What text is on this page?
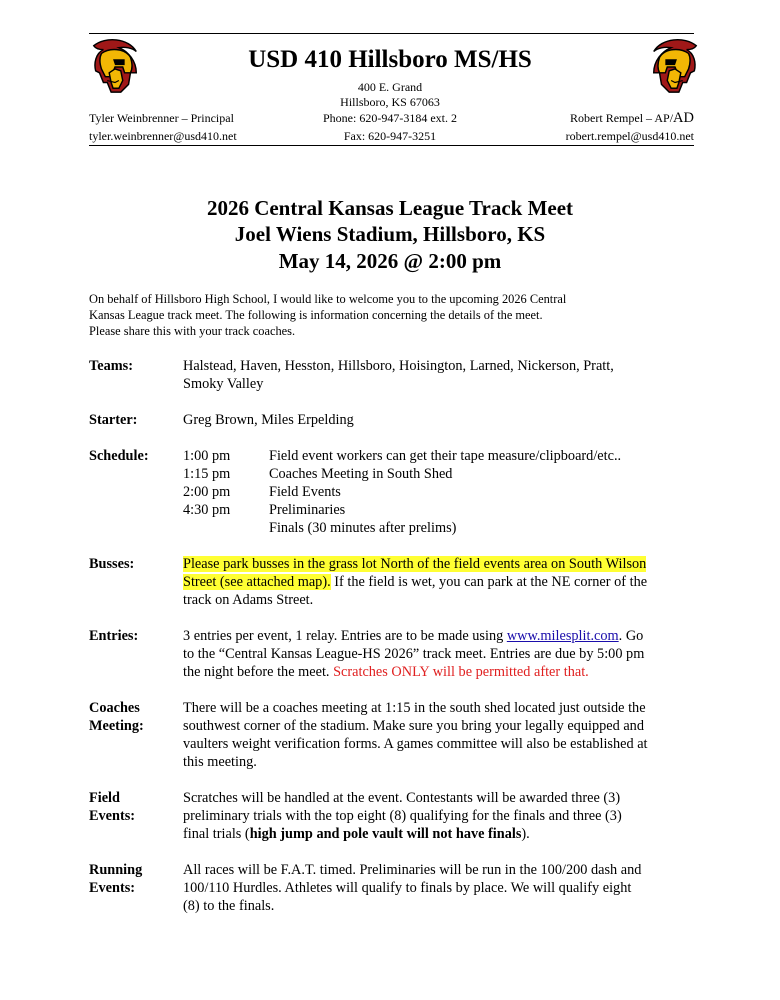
USD 410 Hillsboro MS/HS
400 E. Grand
Hillsboro, KS 67063
Tyler Weinbrenner – Principal	Phone: 620-947-3184 ext. 2	Robert Rempel – AP/AD
tyler.weinbrenner@usd410.net	Fax: 620-947-3251	robert.rempel@usd410.net
2026 Central Kansas League Track Meet
Joel Wiens Stadium, Hillsboro, KS
May 14, 2026 @ 2:00 pm
On behalf of Hillsboro High School, I would like to welcome you to the upcoming 2026 Central
Kansas League track meet. The following is information concerning the details of the meet.
Please share this with your track coaches.
Teams:	Halstead, Haven, Hesston, Hillsboro, Hoisington, Larned, Nickerson, Pratt,
Smoky Valley
Starter:	Greg Brown, Miles Erpelding
Schedule:	1:00 pm	Field event workers can get their tape measure/clipboard/etc..
1:15 pm	Coaches Meeting in South Shed
2:00 pm	Field Events
4:30 pm	Preliminaries
Finals (30 minutes after prelims)
Busses:	Please park busses in the grass lot North of the field events area on South Wilson
Street (see attached map). If the field is wet, you can park at the NE corner of the
track on Adams Street.
Entries:	3 entries per event, 1 relay. Entries are to be made using www.milesplit.com. Go
to the “Central Kansas League-HS 2026” track meet. Entries are due by 5:00 pm
the night before the meet. Scratches ONLY will be permitted after that.
Coaches
Meeting:
There will be a coaches meeting at 1:15 in the south shed located just outside the
southwest corner of the stadium. Make sure you bring your legally equipped and
vaulters weight verification forms. A games committee will also be established at
this meeting.
Field
Events:
Scratches will be handled at the event. Contestants will be awarded three (3)
preliminary trials with the top eight (8) qualifying for the finals and three (3)
final trials (high jump and pole vault will not have finals).
Running
Events:
All races will be F.A.T. timed. Preliminaries will be run in the 100/200 dash and
100/110 Hurdles. Athletes will qualify to finals by place. We will qualify eight
(8) to the finals.
